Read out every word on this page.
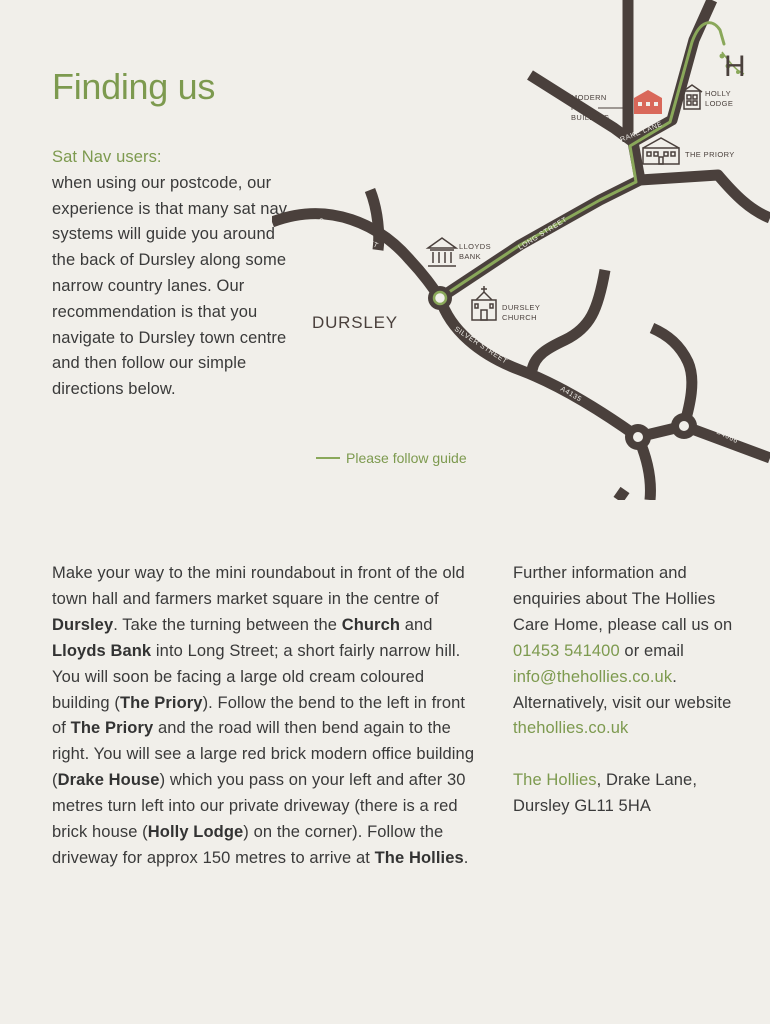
Finding us
Sat Nav users:
when using our postcode, our experience is that many sat nav systems will guide you around the back of Dursley along some narrow country lanes. Our recommendation is that you navigate to Dursley town centre and then follow our simple directions below.
CASTLE STREET	LONG STREET
SILVER STREET
DRAKE LANE
A4135
B4066
H
MODERN
RED
BUILDING
HOLLY
LODGE
THE PRIORY
LLOYDS
BANK
DURSLEY
CHURCH
DURSLEY
Please follow guide
Make your way to the mini roundabout in front of the old town hall and farmers market square in the centre of Dursley. Take the turning between the Church and Lloyds Bank into Long Street; a short fairly narrow hill. You will soon be facing a large old cream coloured building (The Priory). Follow the bend to the left in front of The Priory and the road will then bend again to the right. You will see a large red brick modern office building (Drake House) which you pass on your left and after 30 metres turn left into our private driveway (there is a red brick house (Holly Lodge) on the corner). Follow the driveway for approx 150 metres to arrive at The Hollies.
Further information and enquiries about The Hollies Care Home, please call us on 01453 541400 or email info@thehollies.co.uk. Alternatively, visit our website thehollies.co.uk
The Hollies, Drake Lane, Dursley GL11 5HA
